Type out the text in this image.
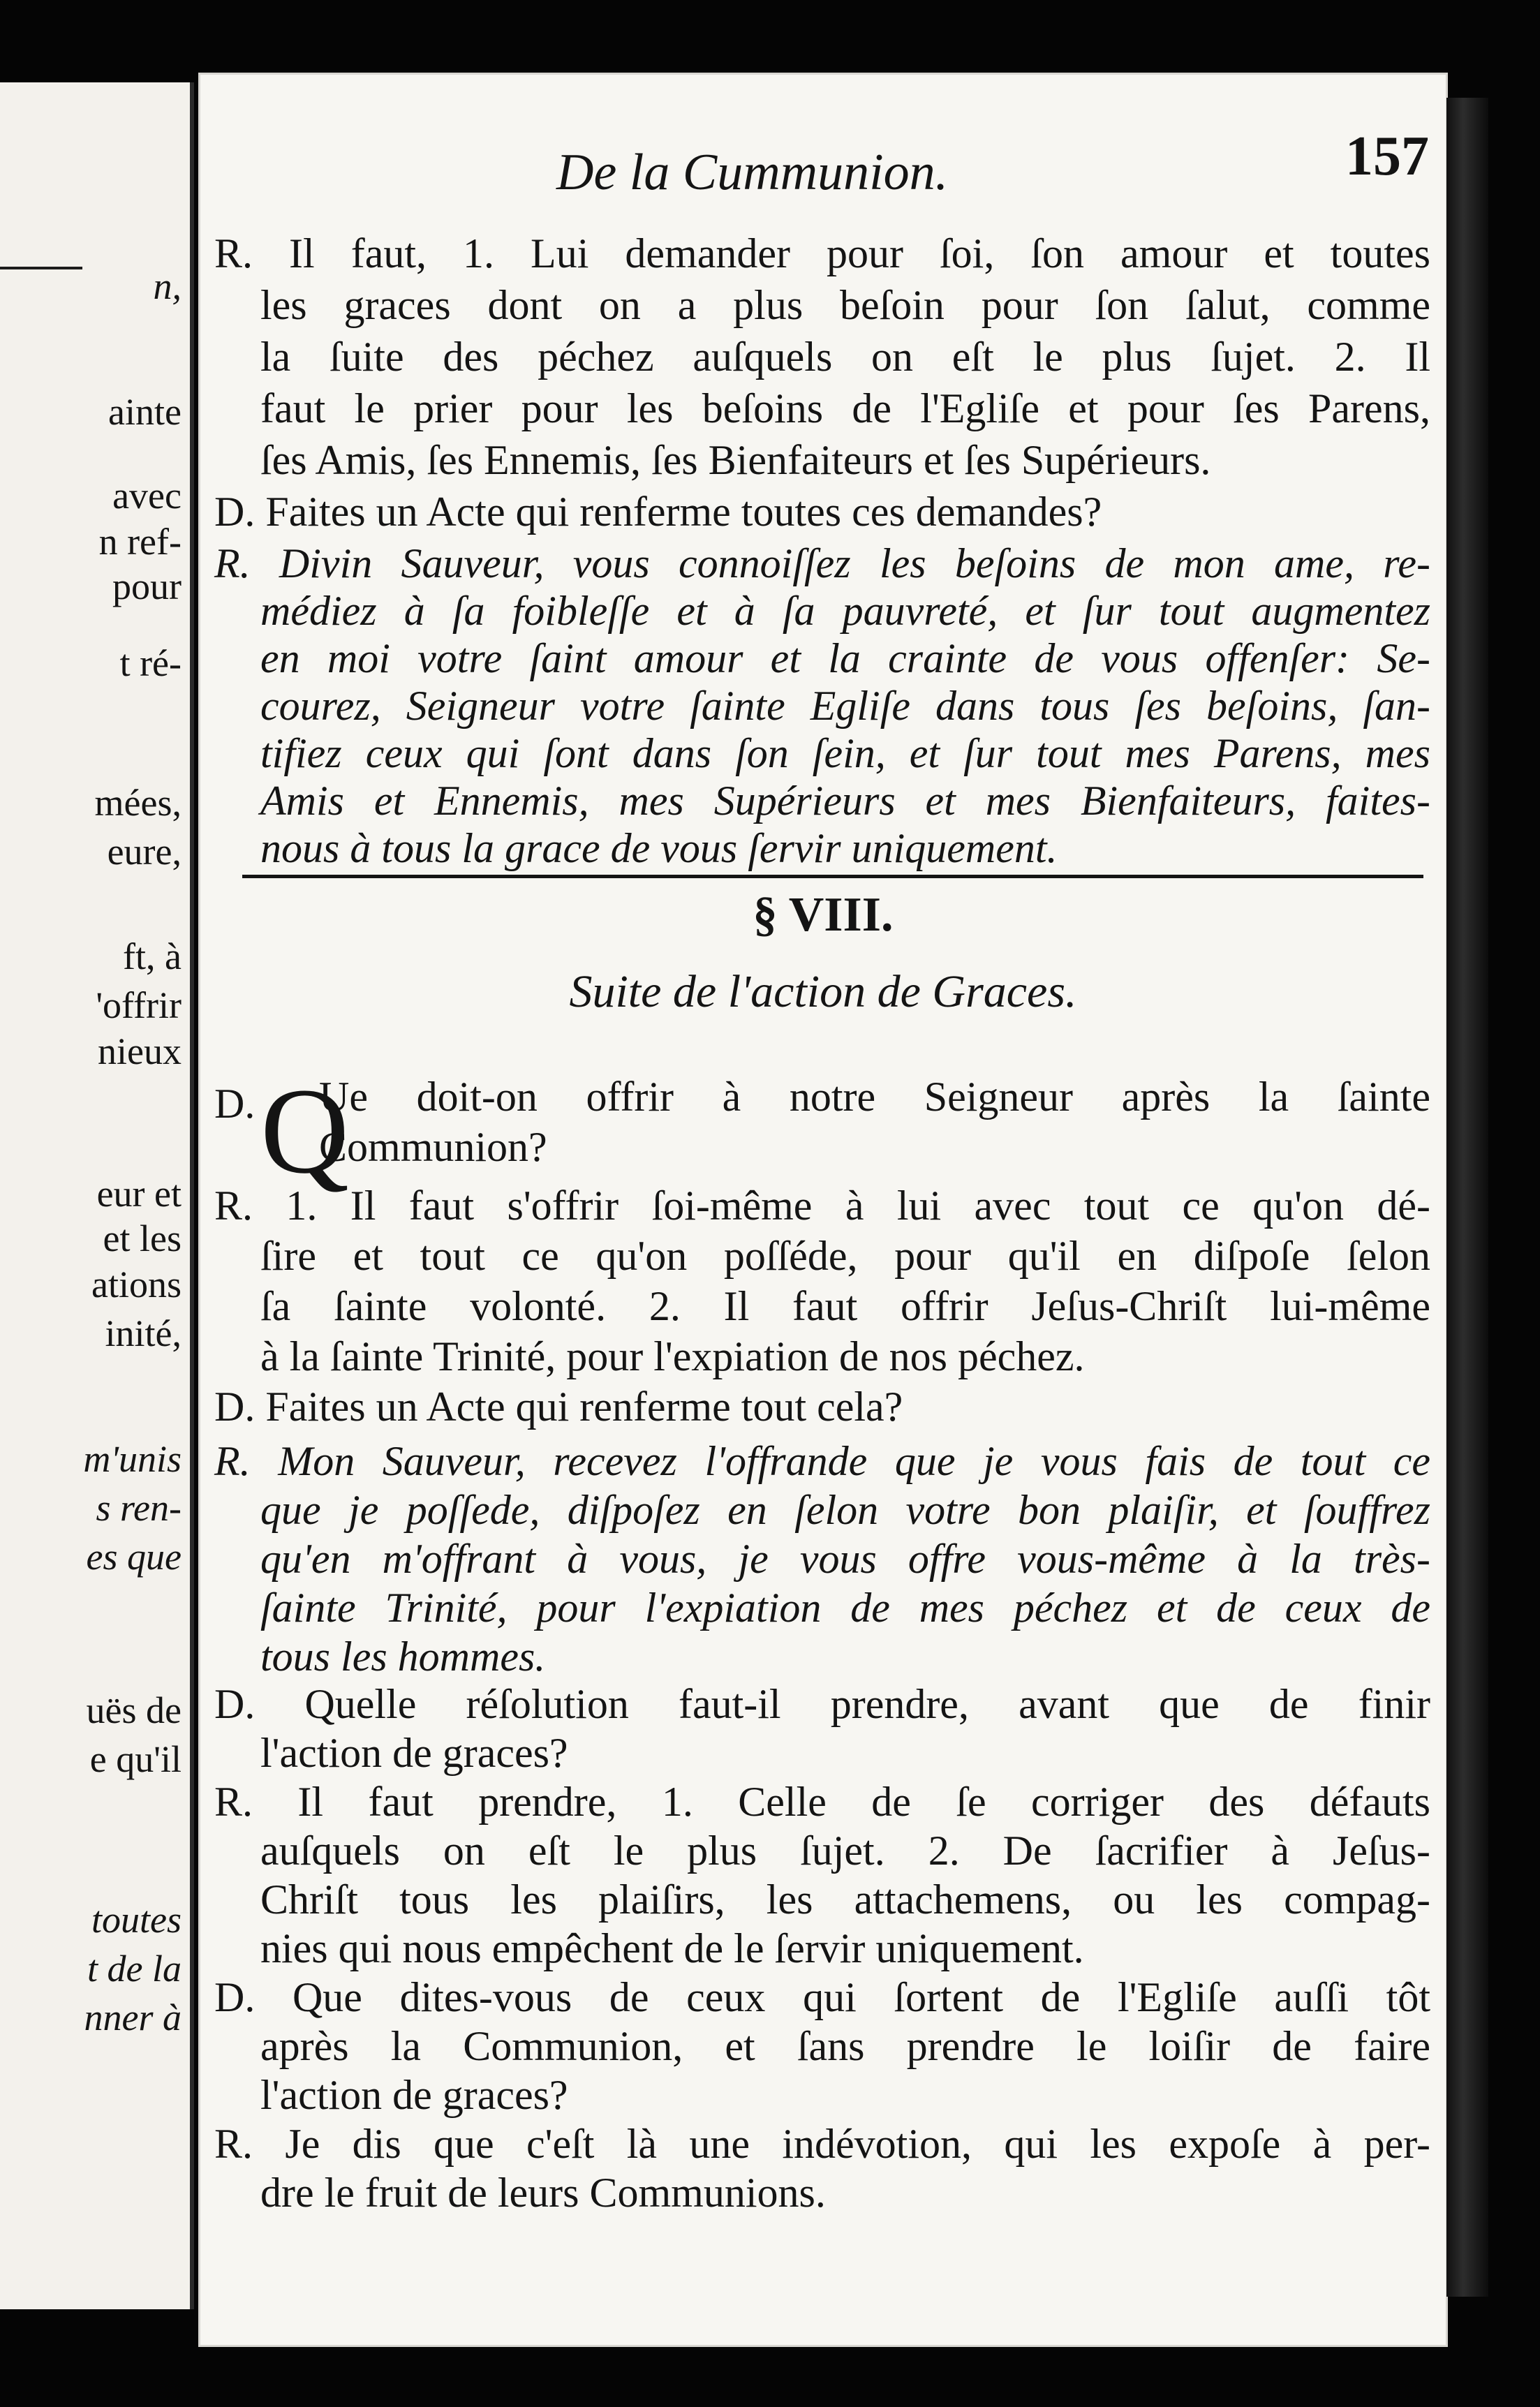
n,
ainte
avec
n ref-
pour
t ré-
mées,
eure,
ft, à
'offrir
nieux
eur et
et les
ations
inité,
m'unis
s ren-
es que
uës de
e qu'il
toutes
t de la
nner à
De la Cummunion.	157
R. Il faut, 1. Lui demander pour ſoi, ſon amour et toutes
les graces dont on a plus beſoin pour ſon ſalut, comme
la ſuite des péchez auſquels on eſt le plus ſujet. 2. Il
faut le prier pour les beſoins de l'Egliſe et pour ſes Parens,
ſes Amis, ſes Ennemis, ſes Bienfaiteurs et ſes Supérieurs.
D. Faites un Acte qui renferme toutes ces demandes?
R. Divin Sauveur, vous connoiſſez les beſoins de mon ame, re-
médiez à ſa foibleſſe et à ſa pauvreté, et ſur tout augmentez
en moi votre ſaint amour et la crainte de vous offenſer: Se-
courez, Seigneur votre ſainte Egliſe dans tous ſes beſoins, ſan-
tifiez ceux qui ſont dans ſon ſein, et ſur tout mes Parens, mes
Amis et Ennemis, mes Supérieurs et mes Bienfaiteurs, faites-
nous à tous la grace de vous ſervir uniquement.
§ VIII.
Suite de l'action de Graces.
D. Q
Ue doit-on offrir à notre Seigneur après la ſainte
Communion?
R. 1. Il faut s'offrir ſoi-même à lui avec tout ce qu'on dé-
ſire et tout ce qu'on poſſéde, pour qu'il en diſpoſe ſelon
ſa ſainte volonté. 2. Il faut offrir Jeſus-Chriſt lui-même
à la ſainte Trinité, pour l'expiation de nos péchez.
D. Faites un Acte qui renferme tout cela?
R. Mon Sauveur, recevez l'offrande que je vous fais de tout ce
que je poſſede, diſpoſez en ſelon votre bon plaiſir, et ſouffrez
qu'en m'offrant à vous, je vous offre vous-même à la très-
ſainte Trinité, pour l'expiation de mes péchez et de ceux de
tous les hommes.
D. Quelle réſolution faut-il prendre, avant que de finir
l'action de graces?
R. Il faut prendre, 1. Celle de ſe corriger des défauts
auſquels on eſt le plus ſujet. 2. De ſacrifier à Jeſus-
Chriſt tous les plaiſirs, les attachemens, ou les compag-
nies qui nous empêchent de le ſervir uniquement.
D. Que dites-vous de ceux qui ſortent de l'Egliſe auſſi tôt
après la Communion, et ſans prendre le loiſir de faire
l'action de graces?
R. Je dis que c'eſt là une indévotion, qui les expoſe à per-
dre le fruit de leurs Communions.
